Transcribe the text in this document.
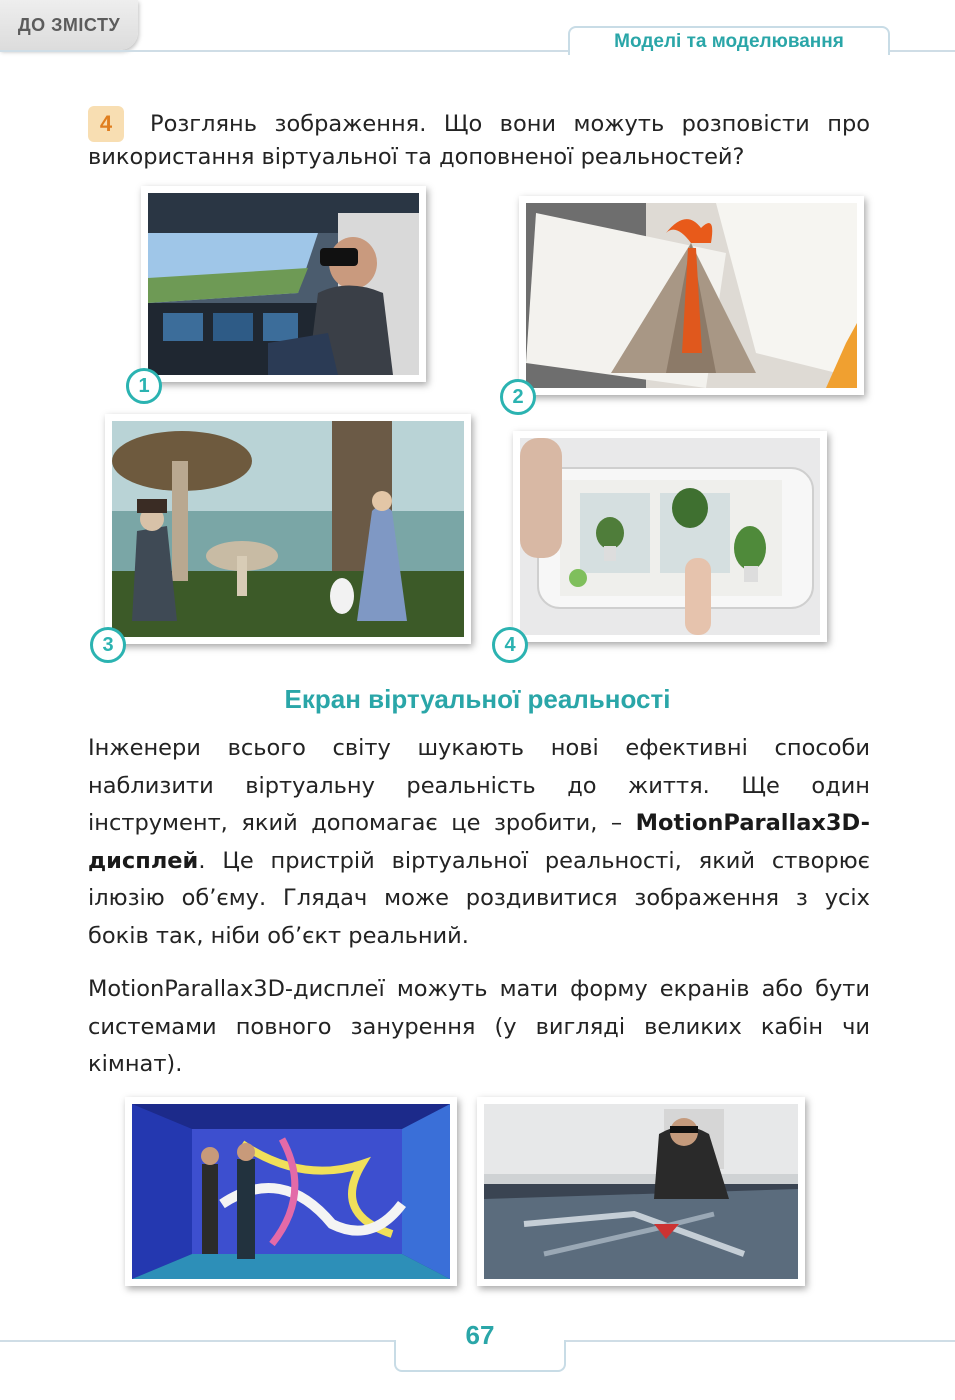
ДО ЗМІСТУ
Моделі та моделювання
Розглянь зображення. Що вони можуть розповісти про використання віртуальної та доповненої реальностей?
4
1	2
3	4
Екран віртуальної реальності
Інженери всього світу шукають нові ефективні способи наблизити віртуальну реальність до життя. Ще один інструмент, який допомагає це зробити, – MotionParallax3D-дисплей. Це пристрій віртуальної реальності, який створює ілюзію об’єму. Глядач може роздивитися зображення з усіх боків так, ніби об’єкт реальний.
MotionParallax3D-дисплеї можуть мати форму екранів або бути системами повного занурення (у вигляді великих кабін чи кімнат).
67
